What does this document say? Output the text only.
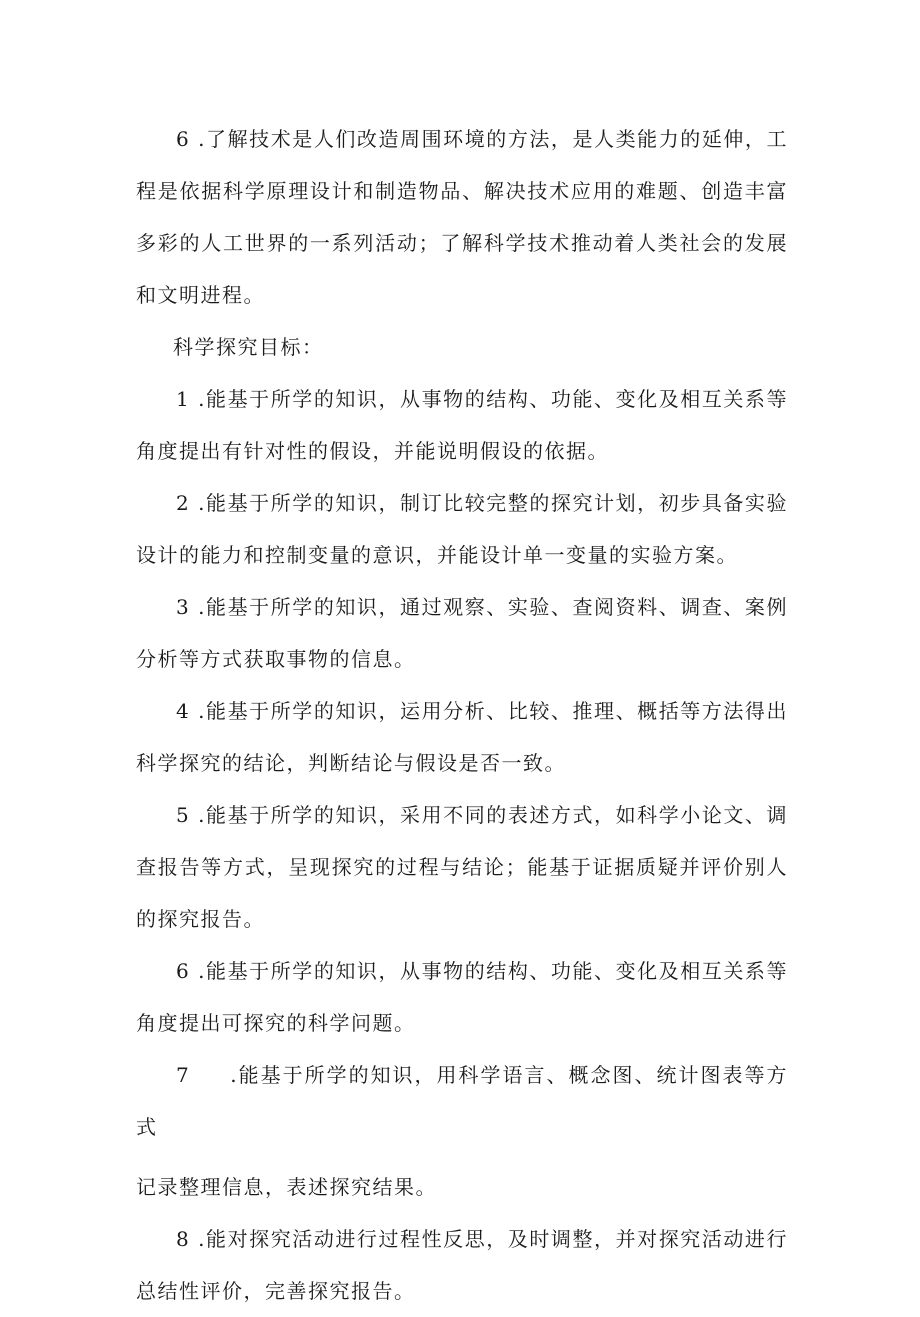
6 .了解技术是人们改造周围环境的方法，是人类能力的延伸，工程是依据科学原理设计和制造物品、解决技术应用的难题、创造丰富多彩的人工世界的一系列活动；了解科学技术推动着人类社会的发展和文明进程。

科学探究目标：

1 .能基于所学的知识，从事物的结构、功能、变化及相互关系等角度提出有针对性的假设，并能说明假设的依据。

2 .能基于所学的知识，制订比较完整的探究计划，初步具备实验设计的能力和控制变量的意识，并能设计单一变量的实验方案。

3 .能基于所学的知识，通过观察、实验、查阅资料、调查、案例分析等方式获取事物的信息。

4 .能基于所学的知识，运用分析、比较、推理、概括等方法得出科学探究的结论，判断结论与假设是否一致。

5 .能基于所学的知识，采用不同的表述方式，如科学小论文、调查报告等方式，呈现探究的过程与结论；能基于证据质疑并评价别人的探究报告。

6 .能基于所学的知识，从事物的结构、功能、变化及相互关系等角度提出可探究的科学问题。

7 .能基于所学的知识，用科学语言、概念图、统计图表等方式
记录整理信息，表述探究结果。

8 .能对探究活动进行过程性反思，及时调整，并对探究活动进行总结性评价，完善探究报告。
